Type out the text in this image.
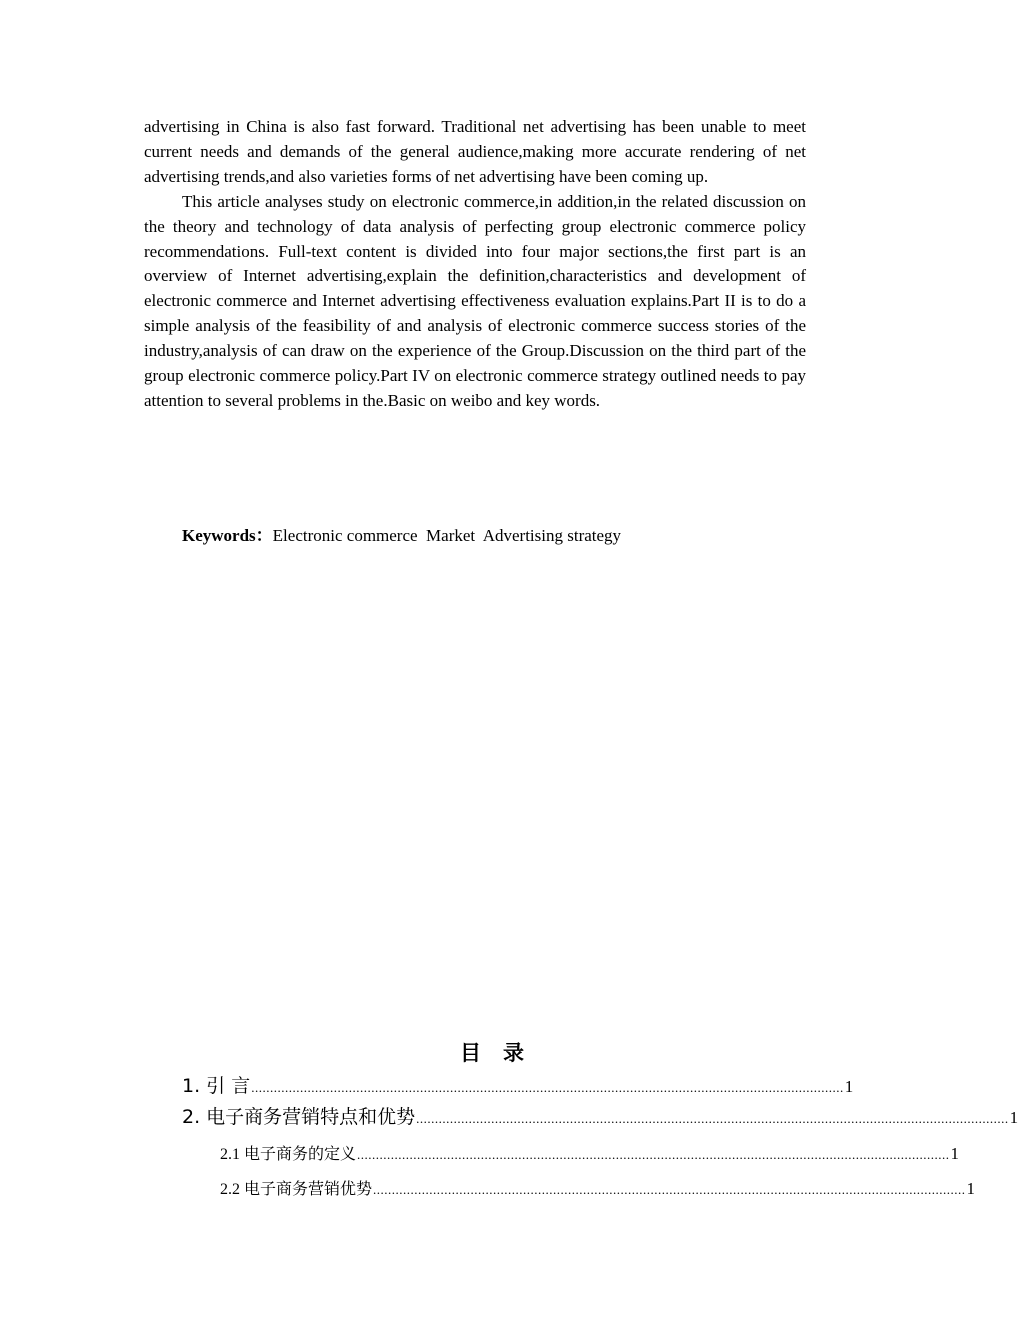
advertising in China is also fast forward. Traditional net advertising has been unable to meet current needs and demands of the general audience,making more accurate rendering of net advertising trends,and also varieties forms of net advertising have been coming up.

This article analyses study on electronic commerce,in addition,in the related discussion on the theory and technology of data analysis of perfecting group electronic commerce policy recommendations. Full-text content is divided into four major sections,the first part is an overview of Internet advertising,explain the definition,characteristics and development of electronic commerce and Internet advertising effectiveness evaluation explains.Part II is to do a simple analysis of the feasibility of and analysis of electronic commerce success stories of the industry,analysis of can draw on the experience of the Group.Discussion on the third part of the group electronic commerce policy.Part IV on electronic commerce strategy outlined needs to pay attention to several problems in the.Basic on weibo and key words.

Keywords：Electronic commerce  Market  Advertising strategy
目录
1. 引 言 .............................................................................................................................................................. 1
2. 电子商务营销特点和优势 .............................................................................................................................................................. 1
2.1 电子商务的定义 .............................................................................................................................................................. 1
2.2 电子商务营销优势 .............................................................................................................................................................. 1
